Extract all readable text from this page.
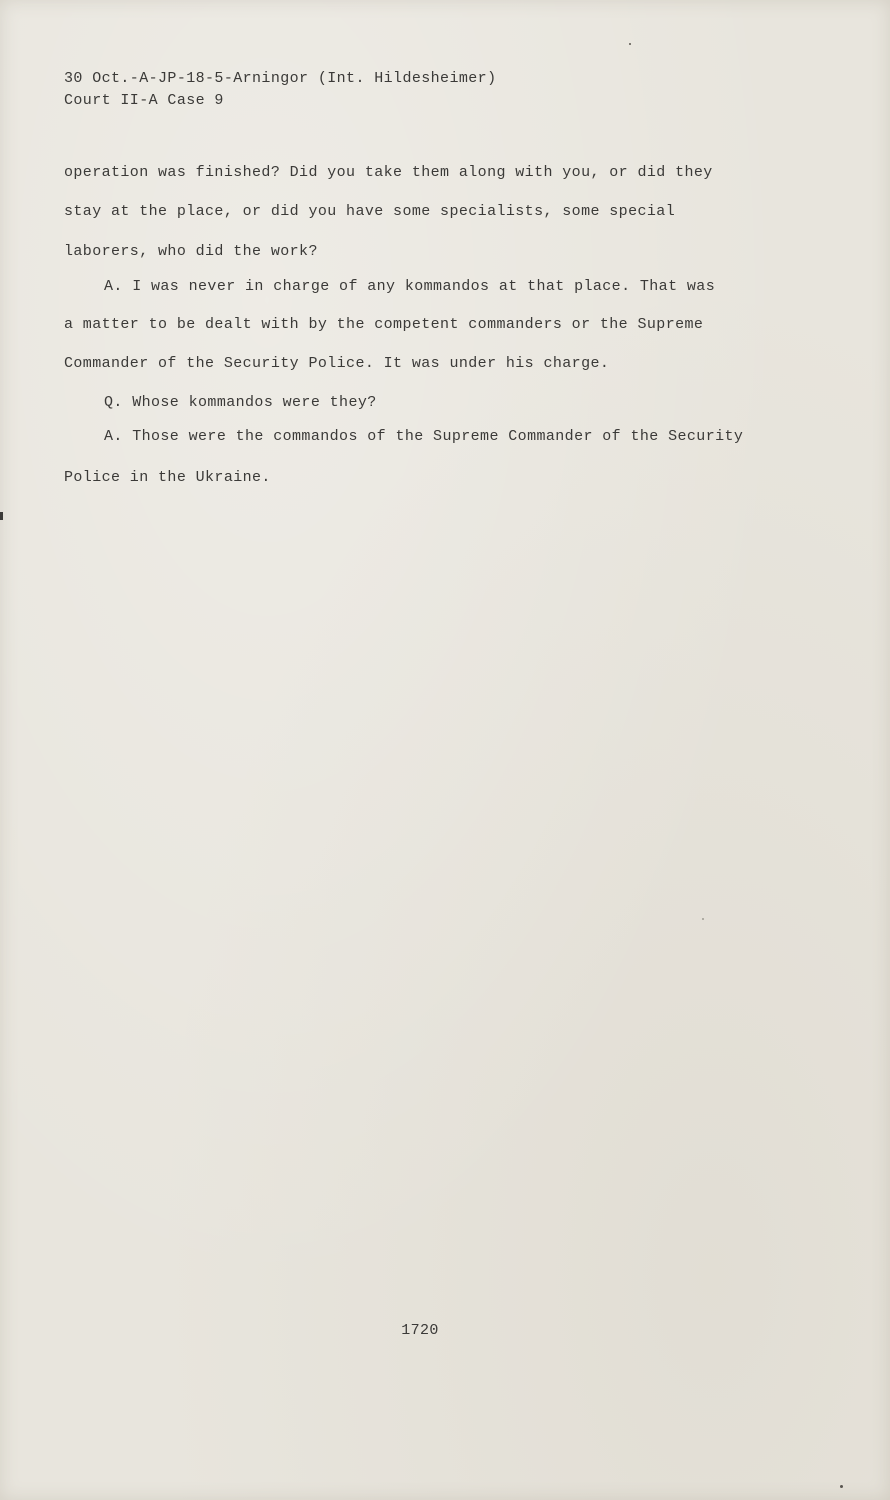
30 Oct.-A-JP-18-5-Arningor (Int. Hildesheimer)
Court II-A Case 9
operation was finished? Did you take them along with you, or did they
stay at the place, or did you have some specialists, some special
laborers, who did the work?
A. I was never in charge of any kommandos at that place. That was
a matter to be dealt with by the competent commanders or the Supreme
Commander of the Security Police. It was under his charge.
Q. Whose kommandos were they?
A. Those were the commandos of the Supreme Commander of the Security
Police in the Ukraine.
1720
